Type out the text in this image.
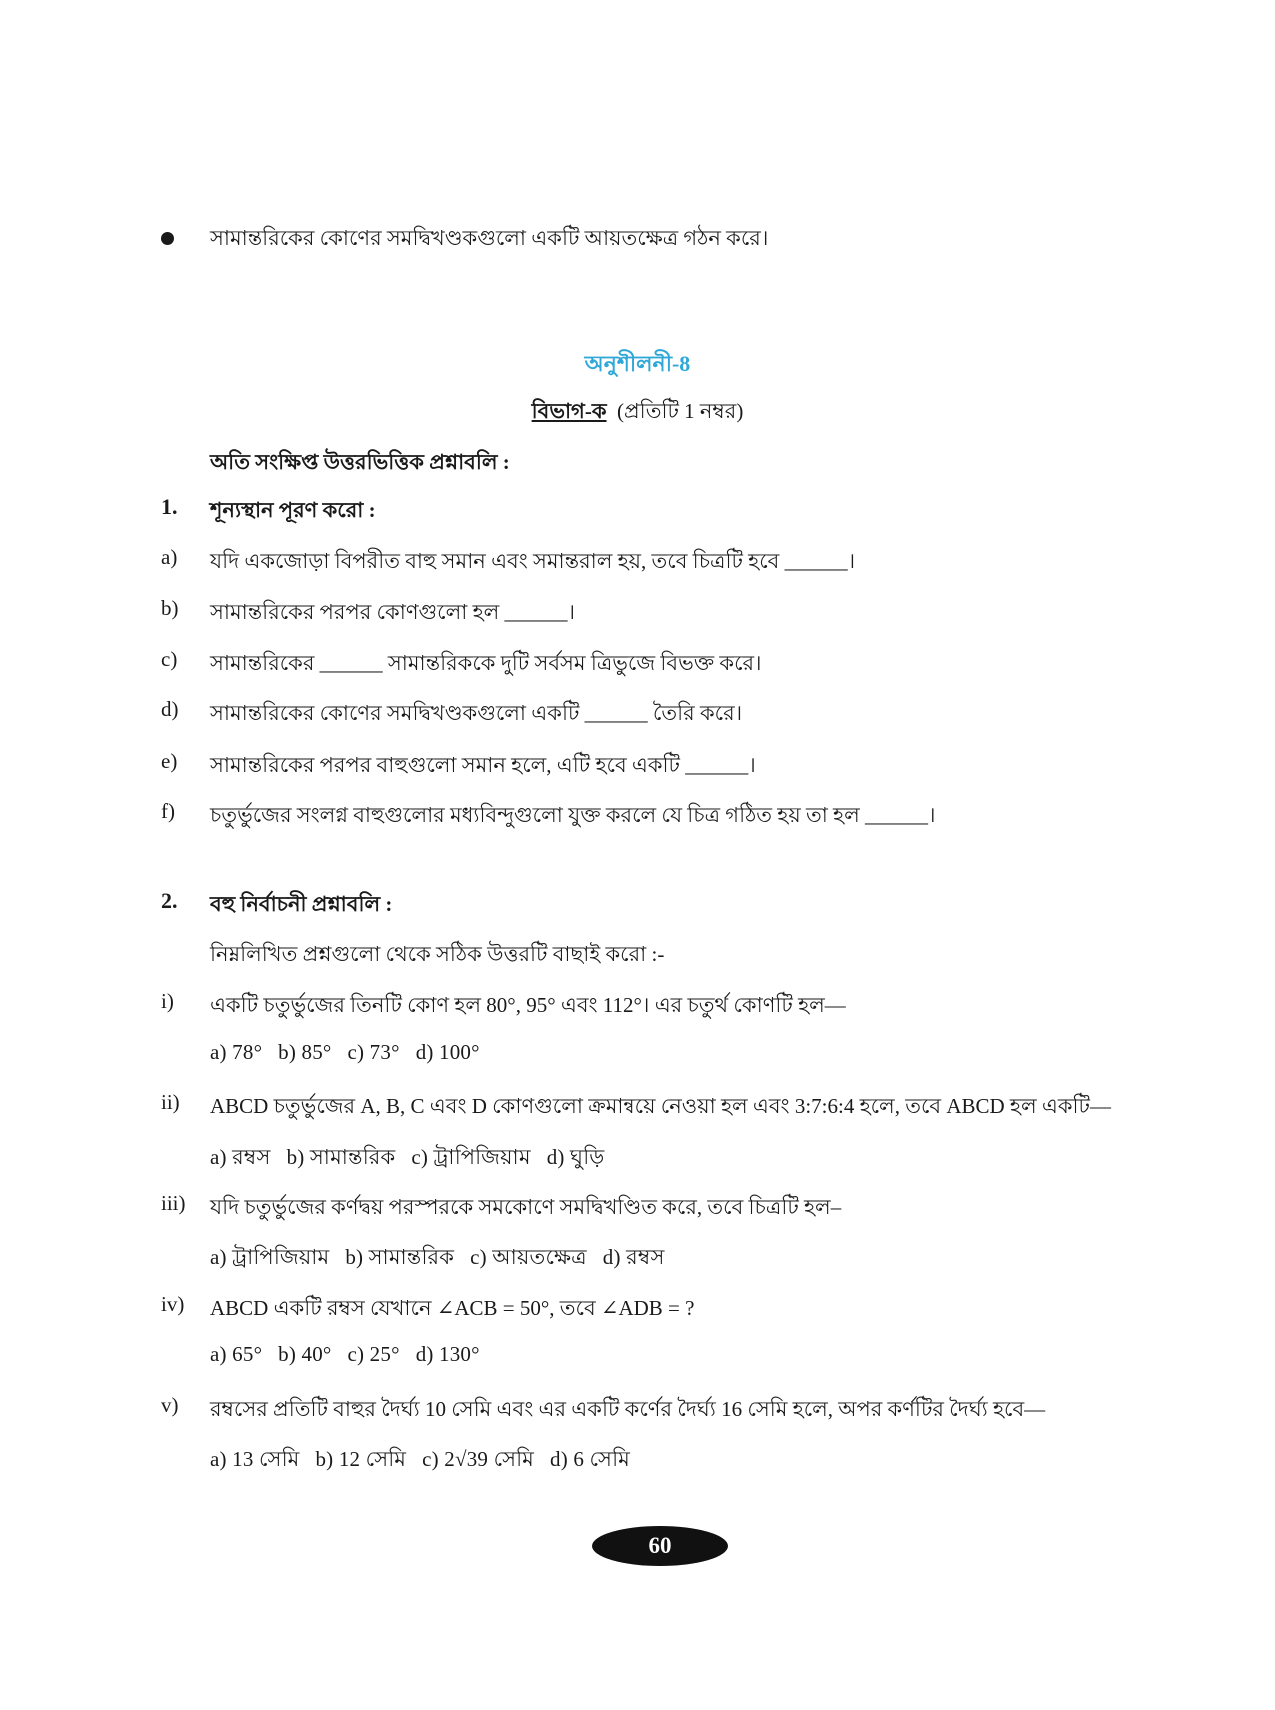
সামান্তরিকের কোণের সমদ্বিখণ্ডকগুলো একটি আয়তক্ষেত্র গঠন করে।
অনুশীলনী-8
বিভাগ-ক (প্রতিটি 1 নম্বর)
অতি সংক্ষিপ্ত উত্তরভিত্তিক প্রশ্নাবলি :
1. শূন্যস্থান পূরণ করো :
a) যদি একজোড়া বিপরীত বাহু সমান এবং সমান্তরাল হয়, তবে চিত্রটি হবে ______।
b) সামান্তরিকের পরপর কোণগুলো হল ______।
c) সামান্তরিকের ______ সামান্তরিককে দুটি সর্বসম ত্রিভুজে বিভক্ত করে।
d) সামান্তরিকের কোণের সমদ্বিখণ্ডকগুলো একটি ______ তৈরি করে।
e) সামান্তরিকের পরপর বাহুগুলো সমান হলে, এটি হবে একটি ______।
f) চতুর্ভুজের সংলগ্ন বাহুগুলোর মধ্যবিন্দুগুলো যুক্ত করলে যে চিত্র গঠিত হয় তা হল ______।
2. বহু নির্বাচনী প্রশ্নাবলি :
নিম্নলিখিত প্রশ্নগুলো থেকে সঠিক উত্তরটি বাছাই করো :-
i) একটি চতুর্ভুজের তিনটি কোণ হল 80°, 95° এবং 112°। এর চতুর্থ কোণটি হল—
a) 78° b) 85° c) 73° d) 100°
ii) ABCD চতুর্ভুজের A, B, C এবং D কোণগুলো ক্রমান্বয়ে নেওয়া হল এবং 3:7:6:4 হলে, তবে ABCD হল একটি—
a) রম্বস b) সামান্তরিক c) ট্রাপিজিয়াম d) ঘুড়ি
iii) যদি চতুর্ভুজের কর্ণদ্বয় পরস্পরকে সমকোণে সমদ্বিখণ্ডিত করে, তবে চিত্রটি হল–
a) ট্রাপিজিয়াম b) সামান্তরিক c) আয়তক্ষেত্র d) রম্বস
iv) ABCD একটি রম্বস যেখানে ∠ACB = 50°, তবে ∠ADB = ?
a) 65° b) 40° c) 25° d) 130°
v) রম্বসের প্রতিটি বাহুর দৈর্ঘ্য 10 সেমি এবং এর একটি কর্ণের দৈর্ঘ্য 16 সেমি হলে, অপর কর্ণটির দৈর্ঘ্য হবে—
a) 13 সেমি b) 12 সেমি c) 2√39 সেমি d) 6 সেমি
60
